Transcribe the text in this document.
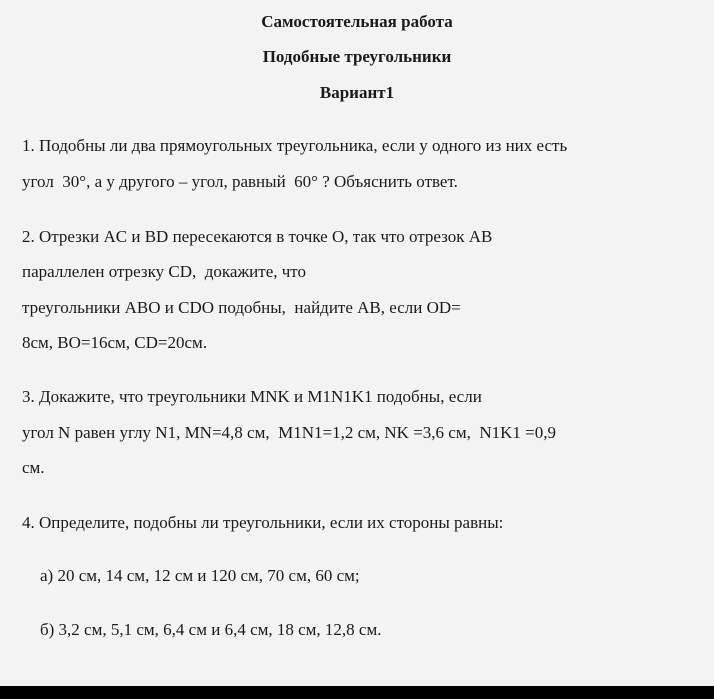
Самостоятельная работа
Подобные треугольники
Вариант1
1. Подобны ли два прямоугольных треугольника, если у одного из них есть
угол  30°, а у другого – угол, равный  60° ? Объяснить ответ.
2. Отрезки AC и BD пересекаются в точке O, так что отрезок AB
параллелен отрезку CD,  докажите, что
треугольники ABO и CDO подобны,  найдите AB, если OD=
8см, BO=16см, CD=20см.
3. Докажите, что треугольники MNK и M1N1K1 подобны, если
угол N равен углу N1, MN=4,8 см,  M1N1=1,2 см, NK =3,6 см,  N1K1 =0,9
см.
4. Определите, подобны ли треугольники, если их стороны равны:
а) 20 см, 14 см, 12 см и 120 см, 70 см, 60 см;
б) 3,2 см, 5,1 см, 6,4 см и 6,4 см, 18 см, 12,8 см.
